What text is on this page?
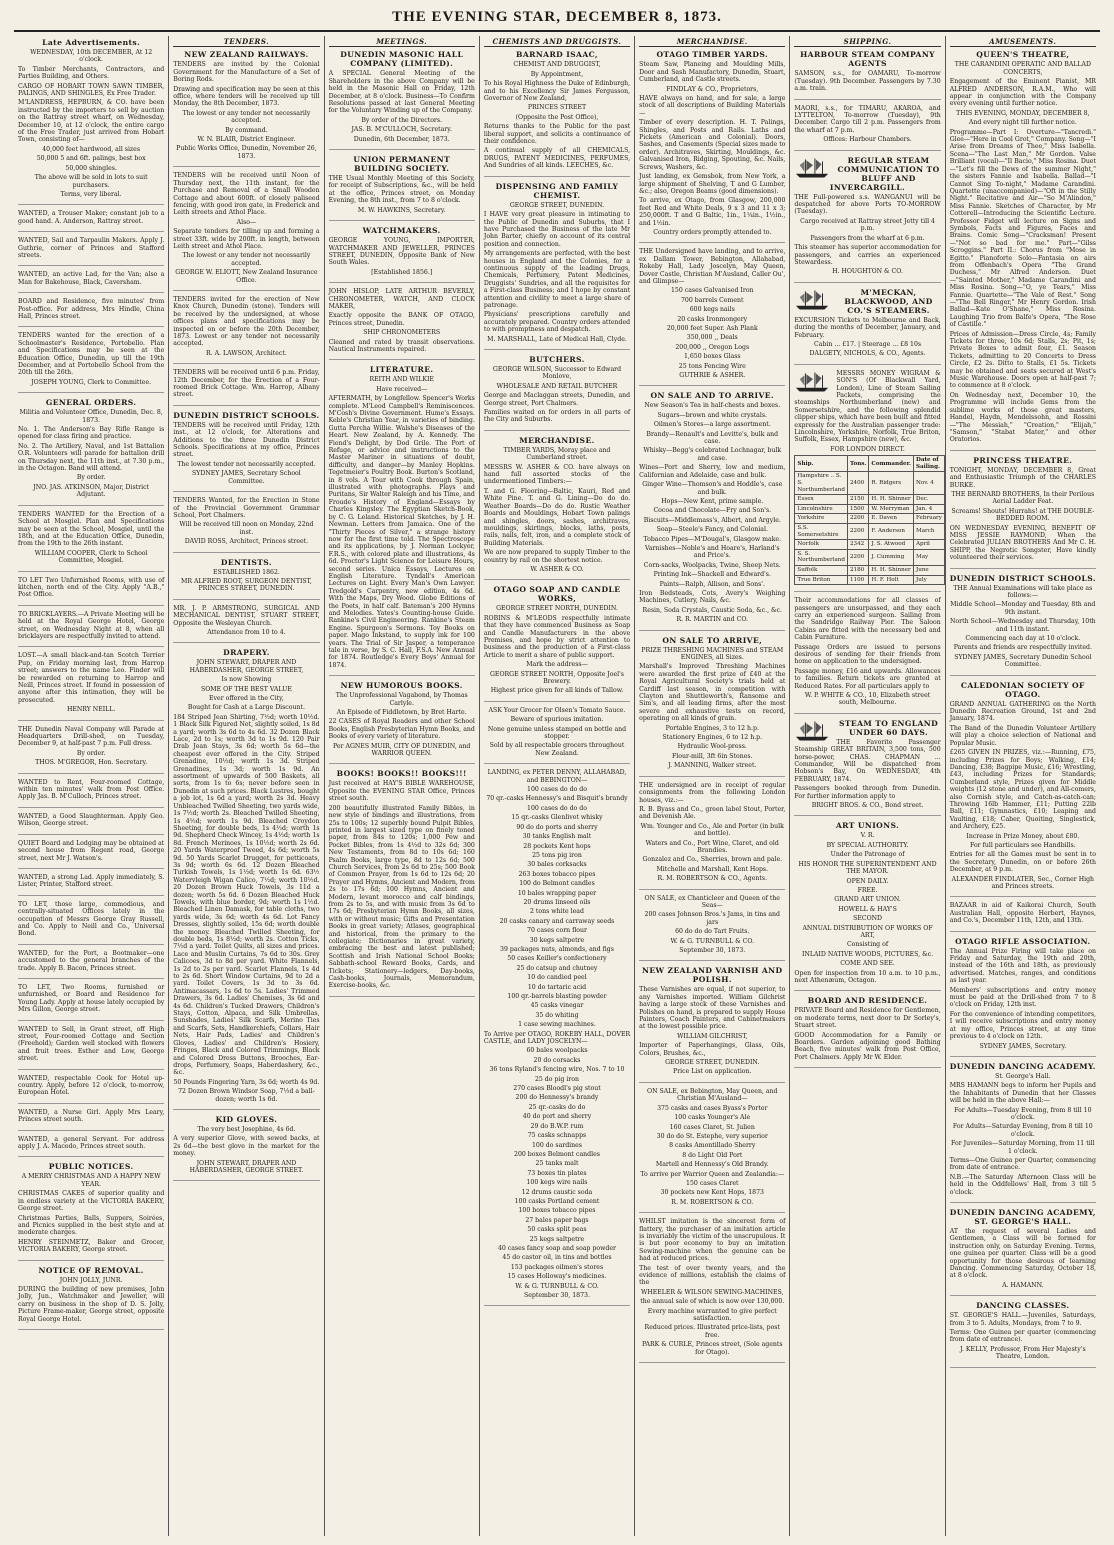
THE EVENING STAR, DECEMBER 8, 1873.
Late Advertisements.

WEDNESDAY, 10th DECEMBER, At 12 o'clock.

To Timber Merchants, Contractors, and Parties Building, and Others.

CARGO OF HOBART TOWN SAWN TIMBER, PALINGS, AND SHINGLES, Ex Free Trader.

M'LANDRESS, HEPBURN, & CO. have been instructed by the importers to sell by auction on the Rattray street wharf, on Wednesday, December 10, at 12 o'clock, the entire cargo of the Free Trader, just arrived from Hobart Town, consisting of—

40,000 feet hardwood, all sizes

50,000 5 and 6ft. palings, best box

50,000 shingles.

The above will be sold in lots to suit purchasers.

Terms, very liberal.

WANTED, a Trouser Maker; constant job to a good hand. A. Anderson, Rattray street.

WANTED, Sail and Tarpaulin Makers. Apply J. Guthrie, corner of Princes and Stafford streets.

WANTED, an active Lad, for the Van; also a Man for Bakehouse, Black, Caversham.

BOARD and Residence, five minutes' from Post-office. For address, Mrs Hindle, China Hall, Princes street.

TENDERS wanted for the erection of a Schoolmaster's Residence, Portobello. Plan and Specifications may be seen at the Education Office, Dunedin, up till the 19th December, and at Portobello School from the 20th till the 26th.

JOSEPH YOUNG, Clerk to Committee.

GENERAL ORDERS.

Militia and Volunteer Office, Dunedin, Dec. 8, 1873.

No. 1. The Anderson's Bay Rifle Range is opened for class firing and practice.

No. 2. The Artillery, Naval, and 1st Battalion O.R. Volunteers will parade for battalion drill on Thursday next, the 11th inst., at 7.30 p.m., in the Octagon. Band will attend.

By order.

JNO. JAS. ATKINSON, Major, District Adjutant.

TENDERS WANTED for the Erection of a School at Mosgiel. Plan and Specifications may be seen at the School, Mosgiel, until the 18th, and at the Education Office, Dunedin, from the 19th to the 26th instant.

WILLIAM COOPER, Clerk to School Committee, Mosgiel.

TO LET Two Unfurnished Rooms, with use of kitchen, north end of the City. Apply "A.B.," Post Office.

TO BRICKLAYERS.—A Private Meeting will be held at the Royal George Hotel, George street, on Wednesday Night at 8, when all bricklayers are respectfully invited to attend.

LOST.—A small black-and-tan Scotch Terrier Pup, on Friday morning last, from Harrop street; answers to the name Leo. Finder will be rewarded on returning to Harrop and Neill, Princes street. If found in possession of anyone after this intimation, they will be prosecuted.

HENRY NEILL.

THE Dunedin Naval Company will Parade at Headquarters Drill-shed, on Tuesday, December 9, at half-past 7 p.m. Full dress.

By order.

THOS. M'GREGOR, Hon. Secretary.

WANTED to Rent, Four-roomed Cottage, within ten minutes' walk from Post Office. Apply Jas. B. M'Culloch, Princes street.

WANTED, a Good Slaughterman. Apply Geo. Wilson, George street.

QUIET Board and Lodging may be obtained at second house from Regent road, George street, next Mr J. Watson's.

WANTED, a strong Lad. Apply immediately, S. Lister, Printer, Stafford street.

TO LET, those large, commodious, and centrally-situated Offices lately in the occupation of Messrs George Gray Russell, and Co. Apply to Neill and Co., Universal Bond.

WANTED, for the Port, a Bootmaker—one accustomed to the general branches of the trade. Apply B. Bacon, Princes street.

TO LET, Two Rooms, furnished or unfurnished, or Board and Residence for Young Lady. Apply at house lately occupied by Mrs Gillon, George street.

WANTED to Sell, in Grant street, off High street, Four-roomed Cottage and Section (Freehold); Garden well stocked with flowers and fruit trees. Esther and Low, George street.

WANTED, respectable Cook for Hotel up-country. Apply, before 12 o'clock, to-morrow, European Hotel.

WANTED, a Nurse Girl. Apply Mrs Leary, Princes street south.

WANTED, a general Servant. For address apply J. A. Macedo, Princes street south.

PUBLIC NOTICES.

A MERRY CHRISTMAS AND A HAPPY NEW YEAR.

CHRISTMAS CAKES of superior quality and in endless variety at the VICTORIA BAKERY, George street.

Christmas Parties, Balls, Suppers, Soirées, and Picnics supplied in the best style and at moderate charges.

HENRY STEINMETZ, Baker and Grocer, VICTORIA BAKERY, George street.

NOTICE OF REMOVAL.

JOHN JOLLY, JUNR.

DURING the building of new premises, John Jolly, Jun., Watchmaker and Jeweller, will carry on business in the shop of D. S. Jolly, Picture Frame-maker, George street, opposite Royal George Hotel.

TENDERS.
NEW ZEALAND RAILWAYS.

TENDERS are invited by the Colonial Government for the Manufacture of a Set of Boring Rods.

Drawing and specification may be seen at this office, where tenders will be received up till Monday, the 8th December, 1873.

The lowest or any tender not necessarily accepted.

By command.

W. N. BLAIR, District Engineer.

Public Works Office, Dunedin, November 26, 1873.

TENDERS will be received until Noon of Thursday next, the 11th instant, for the Purchase and Removal of a Small Wooden Cottage and about 600ft. of closely paliseed fencing, with good iron gate, in Frederick and Leith streets and Athol Place.

Also—

Separate tenders for tilling up and forming a street 33ft. wide by 200ft. in length, between Leith street and Athol Place.

The lowest or any tender not necessarily accepted.

GEORGE W. ELIOTT, New Zealand Insurance Office.

TENDERS invited for the erection of New Knox Church, Dunedin (stone). Tenders will be received by the undersigned, at whose offices plans and specifications may be inspected on or before the 20th December, 1873. Lowest or any tender not necessarily accepted.

R. A. LAWSON, Architect.

TENDERS will be received until 6 p.m. Friday, 12th December, for the Erection of a Four-roomed Brick Cottage. Wm. Harrop, Albany street.

DUNEDIN DISTRICT SCHOOLS.

TENDERS will be received until Friday, 12th inst., at 12 o'clock, for Alterations and Additions to the three Dunedin District Schools. Specifications at my office, Princes street.

The lowest tender not necessarily accepted.

SYDNEY JAMES, Secretary School Committee.

TENDERS Wanted, for the Erection in Stone of the Provincial Government Grammar School, Port Chalmers.

Will be received till noon on Monday, 22nd inst.

DAVID ROSS, Architect, Princes street.

DENTISTS.

ESTABLISHED 1862.

MR ALFRED ROOT, SURGEON DENTIST, PRINCES STREET, DUNEDIN.

MR. J. P. ARMSTRONG, SURGICAL AND MECHANICAL DENTIST, STUART STREET, Opposite the Wesleyan Church.

Attendance from 10 to 4.

DRAPERY.

JOHN STEWART, DRAPER AND HABERDASHER, GEORGE STREET,

Is now Showing

SOME OF THE BEST VALUE

Ever offered in the City,

Bought for Cash at a Large Discount.

184 Striped Jean Shirting, 7½d; worth 10½d. 1 Black Silk Figured Net, slightly soiled, 1s 8d a yard; worth 3s 6d to 4s 6d. 32 Dozen Black Lace, 2d to 1s; worth 3d to 1s 9d. 120 Pair Drab Jean Stays, 3s 6d; worth 5s 6d—the cheapest ever offered in the City. Striped Grenadine, 10½d; worth 1s 3d. Striped Grenadines, 1s 3d; worth 1s 9d. An assortment of upwards of 500 Baskets, all sorts, from 1s to 6s; never before seen in Dunedin at such prices. Black Lustres, bought a job lot, 1s 6d a yard; worth 2s 3d. Heavy Unbleached Twilled Sheeting, two yards wide, 1s 7½d; worth 2s. Bleached Twilled Sheeting, 1s 4½d; worth 1s 9d. Bleached Croydon Sheeting, for double beds, 1s 4½d; worth 1s 9d. Shepherd Check Wincey, 1s 4½d; worth 1s 8d. French Merinoes, 1s 10½d; worth 2s 6d. 20 Yards Waterproof Tweed, 4s 6d; worth 5s 9d. 50 Yards Scarlet Drugget, for petticoats, 3s 9d; worth 6s 6d. 12 Dozen Bleached Turkish Towels, 1s 1½d; worth 1s 6d. 63½ Watervleigh Wigan Calico, 7½d; worth 10½d. 20 Dozen Brown Huck Towels, 3s 11d a dozen; worth 5s 6d. 6 Dozen Bleached Huck Towels, with blue border, 9d; worth 1s 1½d. Bleached Linen Damask, for table cloths, two yards wide, 3s 6d; worth 4s 6d. Lot Fancy Dresses, slightly soiled, 15s 6d; worth double the money. Bleached Twilled Sheeting, for double beds, 1s 8½d; worth 2s. Cotton Ticks, 7½d a yard. Toilet Quilts, all sizes and prices. Lace and Muslin Curtains, 7s 6d to 30s. Grey Calicoes, 3d to 8d per yard. White Flannels, 1s 2d to 2s per yard. Scarlet Flannels, 1s 4d to 2s 6d. Short Window Curtains, 9d to 2d a yard. Toilet Covers, 1s 3d to 3s 6d. Antimacassars, 1s 6d to 5s. Ladies' Trimmed Drawers, 3s 6d. Ladies' Chemises, 3s 6d and 4s 6d. Children's Tucked Drawers, Children's Stays, Cotton, Alpaca, and Silk Umbrellas, Sunshades, Ladies' Silk Scarfs, Merino Ties and Scarfs, Sets, Handkerchiefs, Collars, Hair Nets, Hair Pads, Ladies' and Children's Gloves, Ladies' and Children's Hosiery, Fringes, Black and Colored Trimmings, Black and Colored Dress Buttons, Brooches, Ear-drops, Perfumery, Soaps, Haberdashery, &c., &c.

50 Pounds Fingering Yarn, 3s 6d; worth 4s 9d.

72 Dozen Brown Windsor Soap, 7½d a ball-dozen; worth 1s 6d.

KID GLOVES.

The very best Josephine, 4s 6d.

A very superior Glove, with sewed backs, at 2s 6d—the best glove in the market for the money.

JOHN STEWART, DRAPER AND HABERDASHER, GEORGE STREET.

MEETINGS.
DUNEDIN MASONIC HALL COMPANY (LIMITED).

A SPECIAL General Meeting of the Shareholders in the above Company will be held in the Masonic Hall on Friday, 12th December, at 8 o'clock. Business—To Confirm Resolutions passed at last General Meeting for the Voluntary Winding up of the Company.

By order of the Directors.

JAS. B. M'CULLOCH, Secretary.

Dunedin, 6th December, 1873.

UNION PERMANENT BUILDING SOCIETY.

THE Usual Monthly Meeting of this Society, for receipt of Subscriptions, &c., will be held at the office, Princes street, on Monday Evening, the 8th inst., from 7 to 8 o'clock.

M. W. HAWKINS, Secretary.

WATCHMAKERS.

GEORGE YOUNG, IMPORTER, WATCHMAKER AND JEWELLER, PRINCES STREET, DUNEDIN, Opposite Bank of New South Wales.

[Established 1856.]

JOHN HISLOP, LATE ARTHUR BEVERLY, CHRONOMETER, WATCH, AND CLOCK MAKER,

Exactly opposite the BANK OF OTAGO, Princes street, Dunedin.

SHIP CHRONOMETERS

Cleaned and rated by transit observations. Nautical Instruments repaired.

LITERATURE.

REITH AND WILKIE

Have received—

AFTERMATH, by Longfellow. Spencer's Works complete. M'Leod Campbell's Reminiscences. M'Cosh's Divine Government. Hume's Essays. Keble's Christian Year, in varieties of binding. Gutta Percha Willie. Walshe's Diseases of the Heart. New Zealand, by A. Kennedy. The Fiend's Delight, by Dod Grile. The Port of Refuge, or advice and instructions to the Master Mariner in situations of doubt, difficulty, and danger—by Manley Hopkins. Tegetmeier's Poultry Book. Burton's Scotland, in 8 vols. A Tour with Cook through Spain, illustrated with photographs. Plays and Puritans, Sir Walter Raleigh and his Time, and Froude's History of England—Essays by Charles Kingsley. The Egyptian Sketch-Book, by C. G. Leland. Historical Sketches, by J. H. Newman. Letters from Jamaica. One of the "Thirty Pieces of Silver," a strange history now for the first time told. The Spectroscope and its applications, by J. Norman Lockyer, F.R.S., with colored plate and illustrations, 4s 6d. Proctor's Light Science for Leisure Hours, second series. Unica Essays, Lectures on English Literature. Tyndall's American Lectures on Light. Every Man's Own Lawyer. Tredgold's Carpentry, new edition, 4s 6d. With the Maps, Dry Wood. Globe Editions of the Poets, in half calf. Bateman's 200 Hymns and Melodies. Yates's Counting-house Guide. Rankine's Civil Engineering. Rankine's Steam Engine. Spurgeon's Sermons. Toy Books on paper. Mago Inkstand, to supply ink for 100 years. The Trial of Sir Jasper, a temperance tale in verse, by S. C. Hall, F.S.A. New Annual for 1874. Routledge's Every Boys' Annual for 1874.

NEW HUMOROUS BOOKS.

The Unprofessional Vagabond, by Thomas Carlyle.

An Episode of Fiddletown, by Bret Harte.

22 CASES of Royal Readers and other School Books, English Presbyterian Hymn Books, and Books of every variety of literature.

Per AGNES MUIR, CITY OF DUNEDIN, and WARRIOR QUEEN.

BOOKS! BOOKS!! BOOKS!!!

Just received at HAY'S BIBLE WAREHOUSE, Opposite the EVENING STAR Office, Princes street south.

200 beautifully illustrated Family Bibles, in new style of bindings and illustrations, from 25s to 100s; 12 superbly bound Pulpit Bibles, printed in largest sized type on finely toned paper, from 84s to 120s; 1,000 Pew and Pocket Bibles, from 1s 4½d to 32s 6d; 300 New Testaments, from 8d to 10s 6d; 160 Psalm Books, large type, 8d to 12s 6d; 500 Church Services, from 2s 6d to 25s; 500 Book of Common Prayer, from 1s 6d to 12s 6d; 20 Prayer and Hymns, Ancient and Modern, from 2s to 17s 6d; 100 Hymns, Ancient and Modern, levant morocco and calf bindings, from 2s to 5s, and with music from 3s 6d to 17s 6d; Presbyterian Hymn Books, all sizes, with or without music; Gifts and Presentation Books in great variety; Atlases, geographical and historical, from the primary to the collegiate; Dictionaries in great variety, embracing the best and latest published; Scottish and Irish National School Books; Sabbath-school Reward Books, Cards, and Tickets; Stationery—ledgers, Day-books, Cash-books, Journals, Memorandum, Exercise-books, &c.

CHEMISTS AND DRUGGISTS.
BARNARD ISAAC,

CHEMIST AND DRUGGIST,

By Appointment,

To his Royal Highness the Duke of Edinburgh, and to his Excellency Sir James Fergusson, Governor of New Zealand,

PRINCES STREET

(Opposite the Post Office),

Returns thanks to the Public for the past liberal support, and solicits a continuance of their confidence.

A continual supply of all CHEMICALS, DRUGS, PATENT MEDICINES, PERFUMES, And Sundries of all kinds. LEECHES, &c.

DISPENSING AND FAMILY CHEMIST.

GEORGE STREET, DUNEDIN.

I HAVE very great pleasure in intimating to the Public of Dunedin and Suburbs, that I have Purchased the Business of the late Mr John Barter, chiefly on account of its central position and connection.

My arrangements are perfected, with the best houses in England and the Colonies, for a continuous supply of the leading Drugs, Chemicals, Perfumery, Patent Medicines, Druggists' Sundries, and all the requisites for a First-class Business; and I hope by constant attention and civility to meet a large share of patronage.

Physicians' prescriptions carefully and accurately prepared. Country orders attended to with promptness and despatch.

M. MARSHALL, Late of Medical Hall, Clyde.

BUTCHERS.

GEORGE WILSON, Successor to Edward Monlove,

WHOLESALE AND RETAIL BUTCHER

George and Maclaggan streets, Dunedin, and George street, Port Chalmers.

Families waited on for orders in all parts of the City and Suburbs.

MERCHANDISE.

TIMBER YARDS, Moray place and Cumberland street.

MESSRS W. ASHER & CO. have always on hand full assorted stocks of the undermentioned Timbers:—

T. and G. Flooring—Baltic, Kauri, Red and White Pine. T. and G. Lining—Do do do. Weather Boards—Do do do. Rustic Weather Boards and Mouldings, Hobart Town palings and shingles, doors, sashes, architraves, mouldings, skirtings, blocks, laths, posts, rails, nails, felt, iron, and a complete stock of Building Materials.

We are now prepared to supply Timber to the country by rail on the shortest notice.

W. ASHER & CO.

OTAGO SOAP AND CANDLE WORKS,

GEORGE STREET NORTH, DUNEDIN.

ROBINS & M'LEODS respectfully intimate that they have commenced Business as Soap and Candle Manufacturers in the above Premises, and hope by strict attention to business and the production of a First-class Article to merit a share of public support.

Mark the address—

GEORGE STREET NORTH, Opposite Joel's Brewery.

Highest price given for all kinds of Tallow.

ASK Your Grocer for Olsen's Tomato Sauce.

Beware of spurious imitation.

None genuine unless stamped on bottle and stopper.

Sold by all respectable grocers throughout New Zealand.

LANDING, ex PETER DENNY, ALLAHABAD, and BEBINGTON—

100 cases do do do

70 qr.-casks Hennessy's and Bisquit's brandy

100 cases do do do

15 qr.-casks Glenlivet whisky

90 do do ports and sherry

30 tanks English malt

28 pockets Kent hops

25 tons pig iron

30 bales corksacks

263 boxes tobacco pipes

100 do Belmont candles

10 bales wrapping paper

20 drums linseed oils

2 tons white lead

20 casks canary and carraway seeds

70 cases corn flour

30 kegs saltpetre

39 packages nuts, almonds, and figs

50 cases Keiller's confectionery

25 do catsup and chutney

10 do candied peel

10 do tartaric acid

100 qr.-barrels blasting powder

45 casks vinegar

35 do whiting

1 case sewing machines.

To Arrive per OTAGO, ROKEBY HALL, DOVER CASTLE, and LADY JOSCELYN—

60 bales woolpacks

20 do corsacks

36 tons Ryland's fencing wire, Nos. 7 to 10

25 do pig iron

270 cases Bloodl's pig stout

200 do Hennessy's brandy

25 qr.-casks do do

40 do port and sherry

29 do B.W.P. rum

75 casks schnapps

100 do sardines

200 boxes Belmont candles

25 tanks malt

73 boxes tin plates

100 kegs wire nails

12 drums caustic soda

100 casks Portland cement

100 boxes tobacco pipes

27 bales paper bags

50 casks split peas

25 kegs saltpetre

40 cases fancy soap and soap powder

45 do castor oil, in tins and bottles

153 packages oilmen's stores

15 cases Holloway's medicines.

W. & G. TURNBULL & CO.

September 30, 1873.

MERCHANDISE.
OTAGO TIMBER YARDS.

Steam Saw, Planeing and Moulding Mills, Door and Sash Manufactory, Dunedin, Stuart, Cumberland, and Castle streets.

FINDLAY & CO., Proprietors,

HAVE always on hand, and for sale, a large stock of all descriptions of Building Materials—

Timber of every description. H. T. Palings, Shingles, and Posts and Rails. Laths and Pickets (American and Colonial). Doors, Sashes, and Casements (Special sizes made to order). Architraves, Skirting, Mouldings, &c. Galvanised Iron, Ridging, Spouting, &c. Nails, Screws, Washers, &c.

Just landing, ex Gemsbok, from New York, a large shipment of Shelving, T and G Lumber, &c.; also, Oregon Beams (good dimensions).

To arrive, ex Otago, from Glasgow, 200,000 feet Red and White Deals, 9 x 3 and 11 x 3; 250,000ft. T and G Baltic, 1in., 1¼in., 1½in., and 1½in.

Country orders promptly attended to.

THE Undersigned have landing, and to arrive, ex Dallam Tower, Bebington, Allahabad, Rokeby Hall, Lady Joscelyn, May Queen, Dover Castle, Christian M'Ausland, Caller Ou', and Glimpse—

150 cases Galvanised Iron

700 barrels Cement

600 kegs nails

20 casks Ironmongery

20,000 feet Super. Ash Plank

350,000 ,, Deals

200,000 ,, Oregon Logs

1,650 boxes Glass

25 tons Fencing Wire

GUTHRIE & ASHER.

ON SALE AND TO ARRIVE.

New Season's Tea in half-chests and boxes.

Sugars—brown and white crystals.

Oilmen's Stores—a large assortment.

Brandy—Renault's and Levitte's, bulk and case.

Whisky—Begg's celebrated Lochnagar, bulk and case.

Wines—Port and Sherry, low and medium, Californian and Adelaide, case and bulk.

Ginger Wine—Thomson's and Hoddle's, case and bulk.

Hops—New Kent, prime sample.

Cocoa and Chocolate—Fry and Son's.

Biscuits—Middlemass's, Albert, and Argyle.

Soap—Steele's Fancy, and Colonial.

Tobacco Pipes—M'Dougal's, Glasgow make.

Varnishes—Noble's and Hoare's, Harland's and Price's.

Corn-sacks, Woolpacks, Twine, Sheep Nets.

Printing Ink—Shackell and Edward's.

Paints—Ralph, Allison, and Sons'.

Iron Bedsteads, Cots, Avery's Weighing Machines, Cutlery, Nails, &c.

Resin, Soda Crystals, Caustic Soda, &c., &c.

R. R. MARTIN and CO.

ON SALE TO ARRIVE,

PRIZE THRESHING MACHINES and STEAM ENGINES, all Sizes.

Marshall's Improved Threshing Machines were awarded the first prize of £40 at the Royal Agricultural Society's trials held at Cardiff last season, in competition with Clayton and Shuttleworth's, Ransome and Sim's, and all leading firms, after the most severe and exhaustive tests on record, operating on all kinds of grain.

Portable Engines, 3 to 12 h.p.

Stationery Engines, 6 to 12 h.p.

Hydraulic Wool-press.

Flour-mill, 3ft 6in Stones.

J. MANNING, Walker street.

THE undersigned are in receipt of regular consignments from the following London houses, viz.:—

R. B. Byass and Co., green label Stout, Porter, and Devenish Ale.

Wm. Younger and Co., Ale and Porter (in bulk and bottle).

Waters and Co., Port Wine, Claret, and old Brandies.

Gonzalez and Co., Sherries, brown and pale.

Mitchelle and Marshall, Kent Hops.

R. M. ROBERTSON & CO., Agents.

ON SALE, ex Chanticleer and Queen of the Seas—

200 cases Johnson Bros.'s Jams, in tins and jars

60 do do do Tart Fruits.

W. & G. TURNBULL & CO.

September 30, 1873.

NEW ZEALAND VARNISH AND POLISH.

These Varnishes are equal, if not superior, to any Varnishes imported. William Gilchrist having a large stock of these Varnishes and Polishes on hand, is prepared to supply House Painters, Coach Painters, and Cabinetmakers at the lowest possible price.

WILLIAM GILCHRIST,

Importer of Paperhangings, Glass, Oils, Colors, Brushes, &c.,

GEORGE STREET, DUNEDIN.

Price List on application.

ON SALE, ex Bebington, May Queen, and Christian M'Ausland—

375 casks and cases Byass's Porter

100 casks Younger's Ale

160 cases Claret, St. Julien

30 do do St. Estephe, very superior

8 casks Amontillado Sherry

8 do Light Old Port

Martell and Hennessy's Old Brandy.

To arrive per Warrior Queen and Zealandia:—

150 cases Claret

30 pockets new Kent Hops, 1873

R. M. ROBERTSON & CO.

WHILST imitation is the sincerest form of flattery, the purchaser of an imitation article is invariably the victim of the unscrupulous. It is but poor economy to buy an imitation Sewing-machine when the genuine can be had at reduced prices.

The test of over twenty years, and the evidence of millions, establish the claims of the

WHEELER & WILSON SEWING-MACHINES,

the annual sale of which is now over 130,000.

Every machine warranted to give perfect satisfaction.

Reduced prices. Illustrated price-lists, post free.

PARK & CURLE, Princes street, (Sole agents for Otago).

SHIPPING.
HARBOUR STEAM COMPANY AGENTS

SAMSON, s.s., for OAMARU, To-morrow (Tuesday). 9th December. Passengers by 7.30 a.m. train.

MAORI, s.s., for TIMARU, AKAROA, and LYTTELTON, To-morrow (Tuesday), 9th December. Cargo till 2 p.m. Passengers from the wharf at 7 p.m.

Offices: Harbour Chambers.

REGULAR STEAM COMMUNICATION TO BLUFF AND INVERCARGILL.

THE Full-powered s.s. WANGANUI will be despatched for above Ports TO-MORROW (Tuesday).

Cargo received at Rattray street Jetty till 4 p.m.

Passengers from the wharf at 6 p.m.

This steamer has superior accommodation for passengers, and carries an experienced Stewardess.

H. HOUGHTON & CO.

M'MECKAN, BLACKWOOD, AND CO.'S STEAMERS.

EXCURSION Tickets to Melbourne and Back, during the months of December, January, and February.

Cabin ... £17. | Steerage ... £8 10s

DALGETY, NICHOLS, & CO., Agents.

MESSRS MONEY WIGRAM & SON'S (Of Blackwall Yard, London), Line of Steam Sailing Packets, comprising the steamships Northumberland (new) and Somersetshire, and the following splendid clipper ships, which have been built and fitted expressly for the Australian passenger trade: Lincolnshire, Yorkshire, Norfolk, True Briton, Suffolk, Essex, Hampshire (new), &c.

FOR LONDON DIRECT.

Ship.	Tons.	Commander.	Date of Sailing.
Hampshire .. S. S. Northumberland	2400	R. Ridgers	Nov. 4
Essex	2150	H. H. Shinner	Dec.
Lincolnshire	1500	W. Merryman	Jan. 4
Yorkshire	2200	E. Daven	February
S.S. Somersetshire	2200	F. Anderson	March
Norfolk	2342	J. S. Atwood	April
S. S. Northumberland	2200	J. Cumming	May
Suffolk	2180	H. H. Shinner	June
True Briton	1100	H. F. Holt	July

Their accommodations for all classes of passengers are unsurpassed, and they each carry an experienced surgeon. Sailing from the Sandridge Railway Pier. The Saloon Cabins are fitted with the necessary bed and Cabin Furniture.

Passage Orders are issued to persons desirous of sending for their friends from home on application to the undersigned.

Passage money, £16 and upwards. Allowances to families. Return tickets are granted at Reduced Rates. For all particulars apply to

W. P. WHITE & CO., 10, Elizabeth street south, Melbourne.

STEAM TO ENGLAND UNDER 60 DAYS.

THE Favorite Passenger Steamship GREAT BRITAIN, 3,500 tons, 500 horse-power, CHAS. CHAPMAN ... Commander, Will be dispatched from Hobson's Bay, On WEDNESDAY, 4th FEBRUARY, 1874.

Passengers booked through from Dunedin. For further information apply to

BRIGHT BROS. & CO., Bond street.

ART UNIONS.

V. R.

BY SPECIAL AUTHORITY.

Under the Patronage of

HIS HONOR THE SUPERINTENDENT AND THE MAYOR.

OPEN DAILY.

FREE.

GRAND ART UNION.

HOWELL & HAY'S

SECOND

ANNUAL DISTRIBUTION OF WORKS OF ART,

Consisting of

INLAID NATIVE WOODS, PICTURES, &c.

COME AND SEE.

Open for inspection from 10 a.m. to 10 p.m., next Athenæum, Octagon.

BOARD AND RESIDENCE.

PRIVATE Board and Residence for Gentlemen, on moderate terms, next door to Dr Sorley's, Stuart street.

GOOD Accommodation for a Family or Boarders. Garden adjoining good Bathing Beach, five minutes' walk from Post Office, Port Chalmers. Apply Mr W. Elder.

AMUSEMENTS.
QUEEN'S THEATRE,

THE CARANDINI OPERATIC AND BALLAD CONCERTS,

Engagement of the Eminent Pianist, MR ALFRED ANDERSON, R.A.M., Who will appear in conjunction with the Company every evening until further notice.

THIS EVENING, MONDAY, DECEMBER 8,

And every night till further notice.

Programme—Part I: Overture—"Tancredi." Glee—"Here in Cool Grot," Company. Song—"I Arise from Dreams of Thee," Miss Isabella. Scena—"The Last Man," Mr Gordon. Valse Brilliant (vocal)—"Il Bacio," Miss Rosina. Duet—"Let's fill the Dews of the summer Night," the sisters Fannie and Isabella. Ballad—"I Cannot Sing To-night," Madame Carandini. Quartette (unaccompanied)—"Oft in the Stilly Night." Recitative and Air—"So M'Alindon," Miss Fannie. Sketches of Character, by Mr Cotterell—Introducing the Scientific Lecture. Professor Fidget will lecture on Signs and Symbols, Facts and Figures, Faces and Brains. Comic Song—"Cracksman! Present—"Not so bad for me." Part—"Gilss Scroggins." Part II.: Chorus from "Mose in Egitto." Pianoforte Solo—Fantasia on airs from Offenbach's Opera "The Grand Duchess," Mr Alfred Anderson. Duet—"Sainted Mother," Madame Carandini and Miss Rosina. Song—"O, ye Tears," Miss Fannie. Quartette—"The Vale of Rest." Song—"The Bell Ringer," Mr Henry Gordon. Irish Ballad—Kate O'Shane," Miss Rosina. Laughing Trio from Balfe's Opera, "The Rose of Castille."

Prices of Admission—Dress Circle, 4s; Family Tickets for three, 10s 6d; Stalls, 2s; Pit, 1s; Private Boxes to admit four, £1. Season Tickets, admitting to 20 Concerts to Dress Circle, £2 2s. Ditto to Stalls, £1 5s. Tickets may be obtained and seats secured at West's Music Warehouse. Doors open at half-past 7; to commence at 8 o'clock.

On Wednesday next, December 10, the Programme will include Gems from the sublime works of those great masters, Handel, Haydn, Mendelssohn, and Rossini—"The Messiah," "Creation," "Elijah," "Samson," "Stabat Mater," and other Oratorios.

PRINCESS THEATRE.

TONIGHT, MONDAY, DECEMBER 8, Great and Enthusiastic Triumph of the CHARLES BURKE.

THE BERNARD BROTHERS, In their Perilous Aerial Ladder Feat.

Screams! Shouts! Hurrahs! at THE DOUBLE-BEDDED ROOM.

ON WEDNESDAY EVENING, BENEFIT OF MISS JESSIE RAYMOND, When the Celebrated JULIAN BROTHERS And Mr C. H. SHIPP, the Negrotic Songster, Have kindly volunteered their services.

DUNEDIN DISTRICT SCHOOLS.

THE Annual Examinations will take place as follows:—

Middle School—Monday and Tuesday, 8th and 9th instant.

North School—Wednesday and Thursday, 10th and 11th instant.

Commencing each day at 10 o'clock.

Parents and friends are respectfully invited.

SYDNEY JAMES, Secretary Dunedin School Committee.

CALEDONIAN SOCIETY OF OTAGO.

GRAND ANNUAL GATHERING on the North Dunedin Recreation Ground, 1st and 2nd January, 1874.

The Band of the Dunedin Volunteer Artillery will play a choice selection of National and Popular Music.

£265 GIVEN IN PRIZES, viz.:—Running, £75, including Prizes for Boys; Walking, £14; Dancing, £38; Bagpipe Music, £16; Wrestling, £43, including Prizes for Standards; Cumberland style, Prizes given for Middle weights (12 stone and under), and All-comers, also Cornish style, and Catch-as-catch-can; Throwing 16lb Hammer, £11; Putting 22lb Ball, £11; Gymnastics, £10; Leaping and Vaulting, £18; Caber, Quoiting, Singlestick, and Archery, £25.

Increase in Prize Money, about £80.

For full particulars see Handbills.

Entries for all the Games must be sent in to the Secretary, Dunedin, on or before 26th December, at 9 p.m.

ALEXANDER FINDLATER, Sec., Corner High and Princes streets.

BAZAAR in aid of Kaikorai Church, South Australian Hall, opposite Herbert, Haynes, and Co.'s, December 11th, 12th, and 13th.

OTAGO RIFLE ASSOCIATION.

The Annual Prize Firing will take place on Friday and Saturday, the 19th and 20th, instead of the 16th and 18th, as previously advertised. Matches, ranges, and conditions as last year.

Members' subscriptions and entry money must be paid at the Drill-shed from 7 to 8 o'clock on Friday, 12th inst.

For the convenience of intending competitors, I will receive subscriptions and entry money at my office, Princes street, at any time previous to 4 o'clock on 12th.

SYDNEY JAMES, Secretary.

DUNEDIN DANCING ACADEMY.

St. George's Hall.

MRS HAMANN begs to inform her Pupils and the Inhabitants of Dunedin that her Classes will be held in the above Hall:—

For Adults—Tuesday Evening, from 8 till 10 o'clock.

For Adults—Saturday Evening, from 8 till 10 o'clock.

For Juveniles—Saturday Morning, from 11 till 1 o'clock.

Terms—One Guinea per Quarter, commencing from date of entrance.

N.B.—The Saturday Afternoon Class will be held in the Oddfellows' Hall, from 3 till 5 o'clock.

DUNEDIN DANCING ACADEMY, ST. GEORGE'S HALL.

AT the request of several Ladies and Gentlemen, a Class will be formed for instruction only, on Saturday Evening. Terms, one guinea per quarter. Class will be a good opportunity for those desirous of learning Dancing. Commencing Saturday, October 18, at 8 o'clock.

A. HAMANN.

DANCING CLASSES.

ST. GEORGE'S HALL.—Juveniles, Saturdays, from 3 to 5. Adults, Mondays, from 7 to 9.

Terms: One Guinea per quarter (commencing from date of entrance).

J. KELLY, Professor, From Her Majesty's Theatre, London.
